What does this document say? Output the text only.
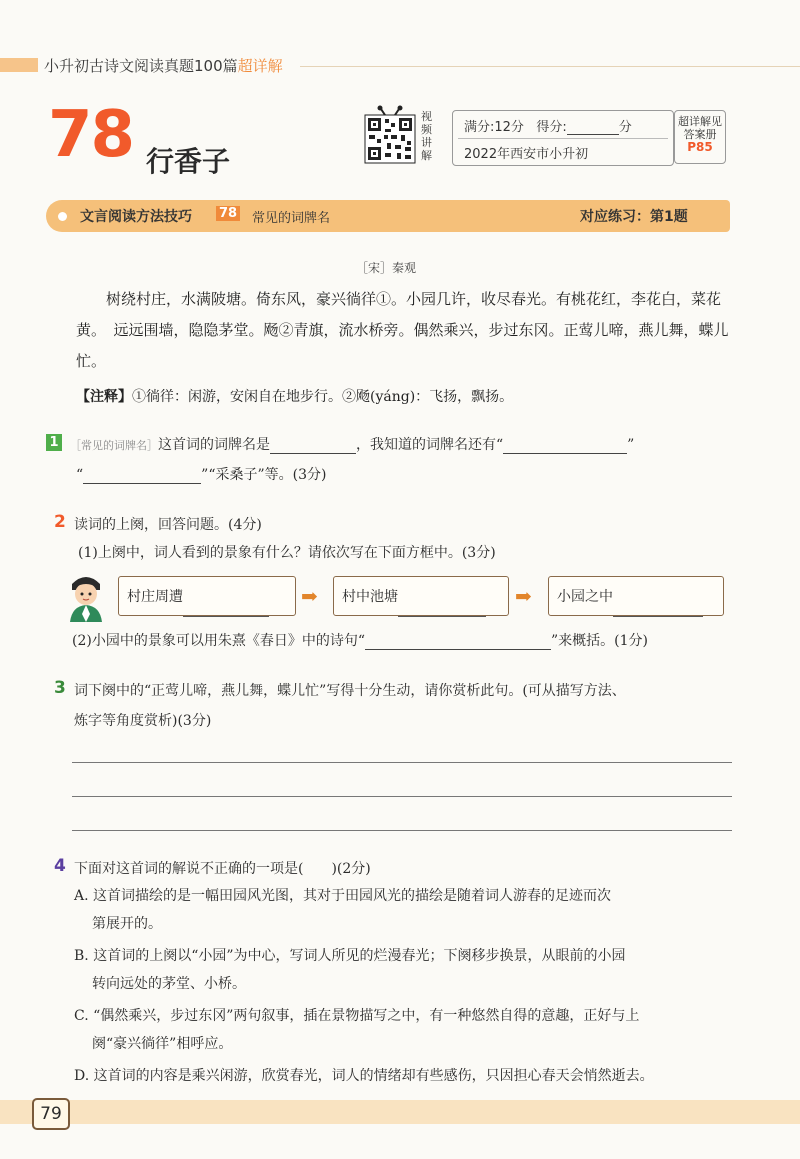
小升初古诗文阅读真题100篇超详解
78 行香子
视频讲解
满分:12分 得分:	分
2022年西安市小升初
超详解见
答案册
P85
文言阅读方法技巧 78 常见的词牌名	对应练习：第1题
［宋］秦观
树绕村庄，水满陂塘。倚东风，豪兴徜徉①。小园几许，收尽春光。有桃花红，李花白，菜花黄。　远远围墙，隐隐茅堂。飏②青旗，流水桥旁。偶然乘兴，步过东冈。正莺儿啼，燕儿舞，蝶儿忙。
【注释】①徜徉：闲游，安闲自在地步行。②飏(yáng)：飞扬，飘扬。
1	［常见的词牌名］这首词的词牌名是	，我知道的词牌名还有“	”
“	”“采桑子”等。(3分)
2 读词的上阕，回答问题。(4分)
(1)上阕中，词人看到的景象有什么？请依次写在下面方框中。(3分)
村庄周遭	➡	村中池塘	➡	小园之中
(2)小园中的景象可以用朱熹《春日》中的诗句“	”来概括。(1分)
3 词下阕中的“正莺儿啼，燕儿舞，蝶儿忙”写得十分生动，请你赏析此句。(可从描写方法、
炼字等角度赏析)(3分)
4 下面对这首词的解说不正确的一项是(　　)(2分)
A. 这首词描绘的是一幅田园风光图，其对于田园风光的描绘是随着词人游春的足迹而次
第展开的。
B. 这首词的上阕以“小园”为中心，写词人所见的烂漫春光；下阕移步换景，从眼前的小园
转向远处的茅堂、小桥。
C. “偶然乘兴，步过东冈”两句叙事，插在景物描写之中，有一种悠然自得的意趣，正好与上
阕“豪兴徜徉”相呼应。
D. 这首词的内容是乘兴闲游，欣赏春光，词人的情绪却有些感伤，只因担心春天会悄然逝去。
79
